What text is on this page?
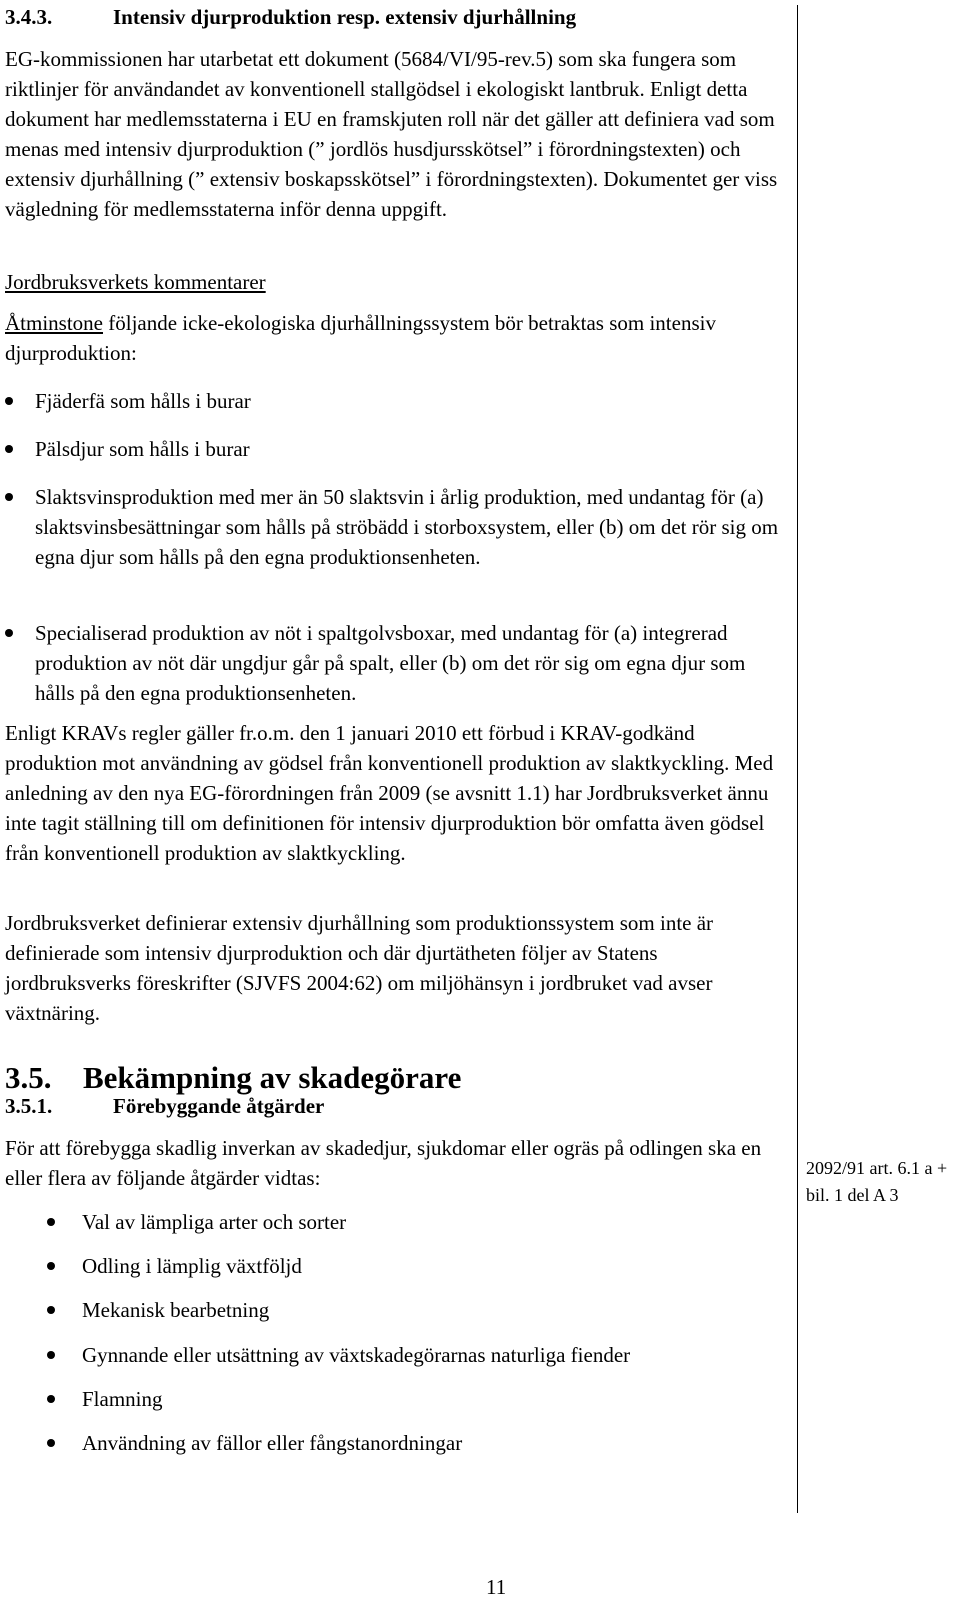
3.4.3.	Intensiv djurproduktion resp. extensiv djurhållning

EG-kommissionen har utarbetat ett dokument (5684/VI/95-rev.5) som ska fungera som riktlinjer för användandet av konventionell stallgödsel i ekologiskt lantbruk. Enligt detta dokument har medlemsstaterna i EU en framskjuten roll när det gäller att definiera vad som menas med intensiv djurproduktion (” jordlös husdjursskötsel” i förordningstexten) och extensiv djurhållning (” extensiv boskapsskötsel” i förordningstexten). Dokumentet ger viss vägledning för medlemsstaterna inför denna uppgift.

Jordbruksverkets kommentarer

Åtminstone följande icke-ekologiska djurhållningssystem bör betraktas som intensiv djurproduktion:

Fjäderfä som hålls i burar
Pälsdjur som hålls i burar
Slaktsvinsproduktion med mer än 50 slaktsvin i årlig produktion, med undantag för (a) slaktsvinsbesättningar som hålls på ströbädd i storboxsystem, eller (b) om det rör sig om egna djur som hålls på den egna produktionsenheten.
Specialiserad produktion av nöt i spaltgolvsboxar, med undantag för (a) integrerad produktion av nöt där ungdjur går på spalt, eller (b) om det rör sig om egna djur som hålls på den egna produktionsenheten.

Enligt KRAVs regler gäller fr.o.m. den 1 januari 2010 ett förbud i KRAV-godkänd produktion mot användning av gödsel från konventionell produktion av slaktkyckling. Med anledning av den nya EG-förordningen från 2009 (se avsnitt 1.1) har Jordbruksverket ännu inte tagit ställning till om definitionen för intensiv djurproduktion bör omfatta även gödsel från konventionell produktion av slaktkyckling.

Jordbruksverket definierar extensiv djurhållning som produktionssystem som inte är definierade som intensiv djurproduktion och där djurtätheten följer av Statens jordbruksverks föreskrifter (SJVFS 2004:62) om miljöhänsyn i jordbruket vad avser växtnäring.

3.5. Bekämpning av skadegörare
3.5.1.	Förebyggande åtgärder

För att förebygga skadlig inverkan av skadedjur, sjukdomar eller ogräs på odlingen ska en eller flera av följande åtgärder vidtas:

Val av lämpliga arter och sorter
Odling i lämplig växtföljd
Mekanisk bearbetning
Gynnande eller utsättning av växtskadegörarnas naturliga fiender
Flamning
Användning av fällor eller fångstanordningar
2092/91 art. 6.1 a + bil. 1 del A 3
11
